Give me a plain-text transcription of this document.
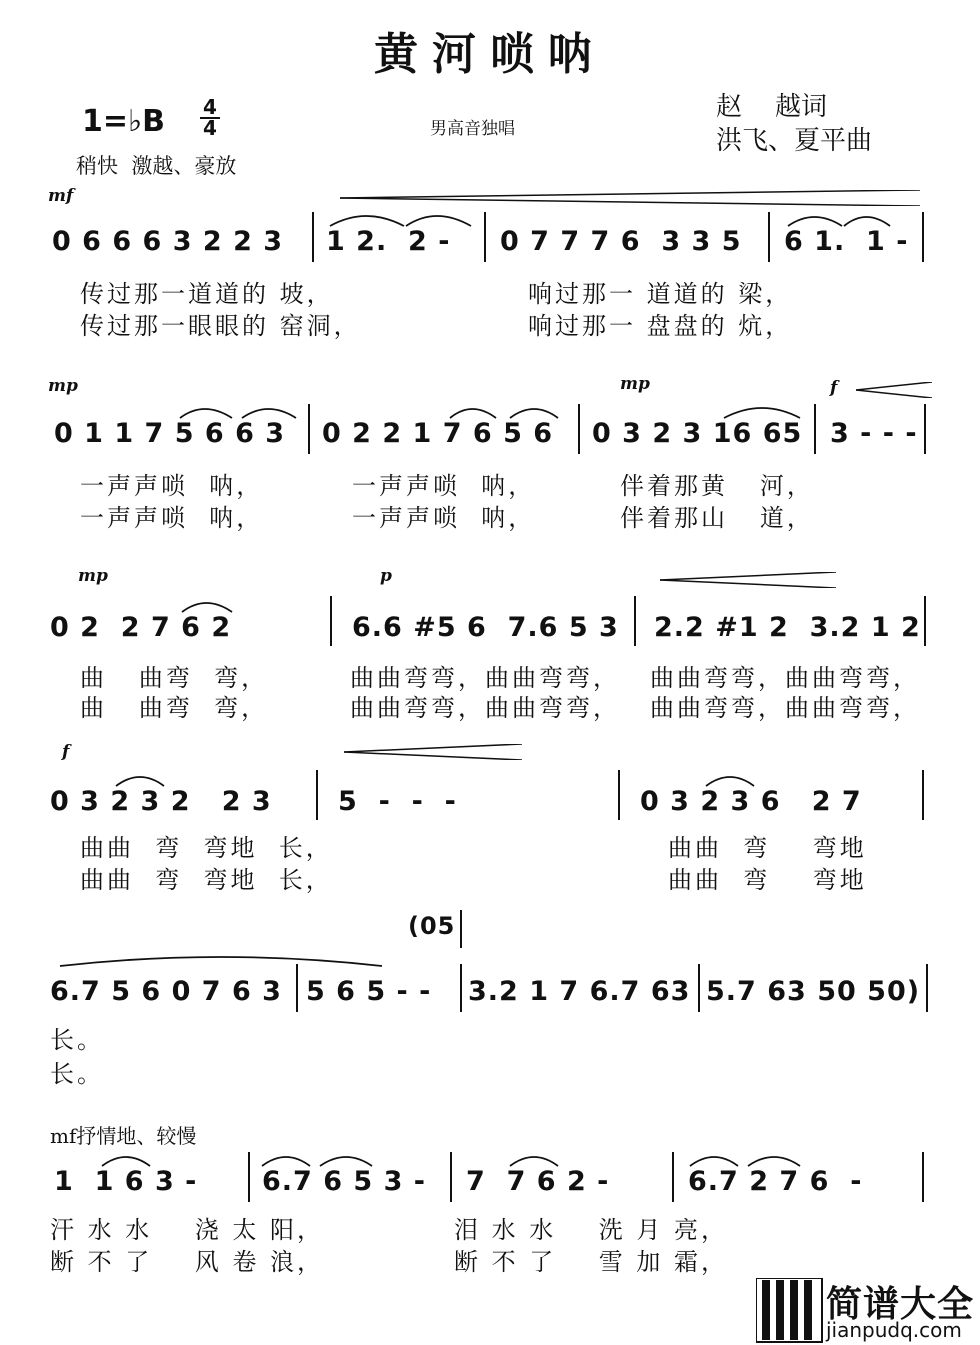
黄河唢呐
1=♭B 4
4	男高音独唱
赵    越词
洪飞、夏平曲
稍快  激越、豪放
mf
0 6 6 6 3 2 2 3 1 2.  2 - 0 7 7 7 6  3 3 5 6 1.  1 -
传过那一道道的 坡，	响过那一 道道的 梁，
传过那一眼眼的 窑洞，	响过那一 盘盘的 炕，
mp	mp	f
0 1 1 7 5 6 6 3 0 2 2 1 7 6 5 6 0 3 2 3 16 65 3 - - -
一声声唢  呐，	一声声唢  呐，	伴着那黄   河，
一声声唢  呐，	一声声唢  呐，	伴着那山   道，
mp	p
0 2  2 7 6 2	6.6 #5 6  7.6 5 3 2.2 #1 2  3.2 1 2
曲   曲弯  弯，	曲曲弯弯，曲曲弯弯， 曲曲弯弯，曲曲弯弯，
曲   曲弯  弯，	曲曲弯弯，曲曲弯弯， 曲曲弯弯，曲曲弯弯，
f
0 3 2 3 2   2 3 5  -  -  -	0 3 2 3 6   2 7
曲曲  弯  弯地  长，	曲曲  弯    弯地
曲曲  弯  弯地  长，	曲曲  弯    弯地
(05
6.7 5 6 0 7 6 3 5 6 5 - - 3.2 1 7 6.7 63 5.7 63 50 50)
长。
长。
mf抒情地、较慢
1  1 6 3 - 6.7 6 5 3 - 7  7 6 2 -	6.7 2 7 6  -
汗 水 水    浇 太 阳，	泪 水 水    洗 月 亮，
断 不 了    风 卷 浪，	断 不 了    雪 加 霜，
简谱大全
jianpudq.com
